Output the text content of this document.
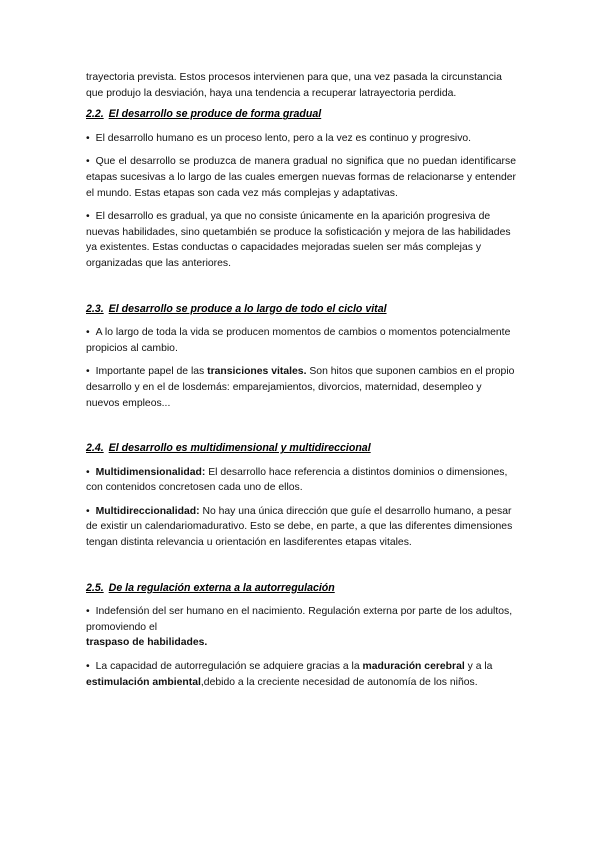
trayectoria prevista. Estos procesos intervienen para que, una vez pasada la circunstancia que produjo la desviación, haya una tendencia a recuperar latrayectoria perdida.

2.2. El desarrollo se produce de forma gradual

• El desarrollo humano es un proceso lento, pero a la vez es continuo y progresivo.

• Que el desarrollo se produzca de manera gradual no significa que no puedan identificarse etapas sucesivas a lo largo de las cuales emergen nuevas formas de relacionarse y entender el mundo. Estas etapas son cada vez más complejas y adaptativas.

• El desarrollo es gradual, ya que no consiste únicamente en la aparición progresiva de nuevas habilidades, sino quetambién se produce la sofisticación y mejora de las habilidades ya existentes. Estas conductas o capacidades mejoradas suelen ser más complejas y organizadas que las anteriores.

2.3. El desarrollo se produce a lo largo de todo el ciclo vital

• A lo largo de toda la vida se producen momentos de cambios o momentos potencialmente propicios al cambio.

• Importante papel de las transiciones vitales. Son hitos que suponen cambios en el propio desarrollo y en el de losdemás: emparejamientos, divorcios, maternidad, desempleo y nuevos empleos...

2.4. El desarrollo es multidimensional y multidireccional

• Multidimensionalidad: El desarrollo hace referencia a distintos dominios o dimensiones, con contenidos concretosen cada uno de ellos.

• Multidireccionalidad: No hay una única dirección que guíe el desarrollo humano, a pesar de existir un calendariomadurativo. Esto se debe, en parte, a que las diferentes dimensiones tengan distinta relevancia u orientación en lasdiferentes etapas vitales.

2.5. De la regulación externa a la autorregulación

• Indefensión del ser humano en el nacimiento. Regulación externa por parte de los adultos, promoviendo el
traspaso de habilidades.

• La capacidad de autorregulación se adquiere gracias a la maduración cerebral y a la estimulación ambiental,debido a la creciente necesidad de autonomía de los niños.
